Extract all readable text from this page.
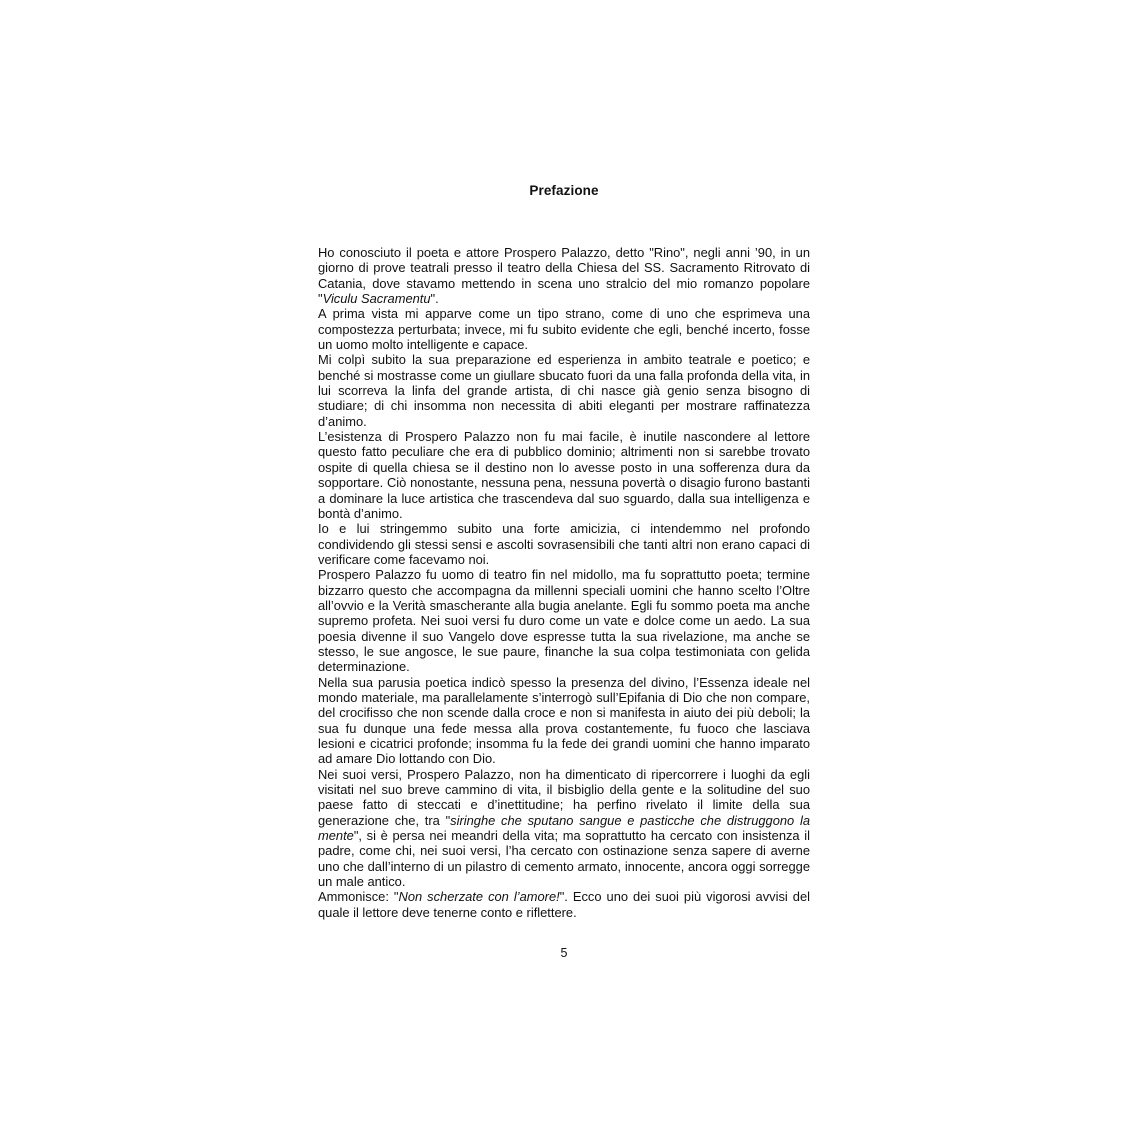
Prefazione

Ho conosciuto il poeta e attore Prospero Palazzo, detto "Rino", negli anni ’90, in un giorno di prove teatrali presso il teatro della Chiesa del SS. Sacramento Ritrovato di Catania, dove stavamo mettendo in scena uno stralcio del mio romanzo popolare "Viculu Sacramentu".

A prima vista mi apparve come un tipo strano, come di uno che esprimeva una compostezza perturbata; invece, mi fu subito evidente che egli, benché incerto, fosse un uomo molto intelligente e capace.

Mi colpì subito la sua preparazione ed esperienza in ambito teatrale e poetico; e benché si mostrasse come un giullare sbucato fuori da una falla profonda della vita, in lui scorreva la linfa del grande artista, di chi nasce già genio senza bisogno di studiare; di chi insomma non necessita di abiti eleganti per mostrare raffinatezza d’animo.

L’esistenza di Prospero Palazzo non fu mai facile, è inutile nascondere al lettore questo fatto peculiare che era di pubblico dominio; altrimenti non si sarebbe trovato ospite di quella chiesa se il destino non lo avesse posto in una sofferenza dura da sopportare. Ciò nonostante, nessuna pena, nessuna povertà o disagio furono bastanti a dominare la luce artistica che trascendeva dal suo sguardo, dalla sua intelligenza e bontà d’animo.

Io e lui stringemmo subito una forte amicizia, ci intendemmo nel profondo condividendo gli stessi sensi e ascolti sovrasensibili che tanti altri non erano capaci di verificare come facevamo noi.

Prospero Palazzo fu uomo di teatro fin nel midollo, ma fu soprattutto poeta; termine bizzarro questo che accompagna da millenni speciali uomini che hanno scelto l’Oltre all’ovvio e la Verità smascherante alla bugia anelante. Egli fu sommo poeta ma anche supremo profeta. Nei suoi versi fu duro come un vate e dolce come un aedo. La sua poesia divenne il suo Vangelo dove espresse tutta la sua rivelazione, ma anche se stesso, le sue angosce, le sue paure, finanche la sua colpa testimoniata con gelida determinazione.

Nella sua parusia poetica indicò spesso la presenza del divino, l’Essenza ideale nel mondo materiale, ma parallelamente s’interrogò sull’Epifania di Dio che non compare, del crocifisso che non scende dalla croce e non si manifesta in aiuto dei più deboli; la sua fu dunque una fede messa alla prova costantemente, fu fuoco che lasciava lesioni e cicatrici profonde; insomma fu la fede dei grandi uomini che hanno imparato ad amare Dio lottando con Dio.

Nei suoi versi, Prospero Palazzo, non ha dimenticato di ripercorrere i luoghi da egli visitati nel suo breve cammino di vita, il bisbiglio della gente e la solitudine del suo paese fatto di steccati e d’inettitudine; ha perfino rivelato il limite della sua generazione che, tra "siringhe che sputano sangue e pasticche che distruggono la mente", si è persa nei meandri della vita; ma soprattutto ha cercato con insistenza il padre, come chi, nei suoi versi, l’ha cercato con ostinazione senza sapere di averne uno che dall’interno di un pilastro di cemento armato, innocente, ancora oggi sorregge un male antico.

Ammonisce: "Non scherzate con l’amore!". Ecco uno dei suoi più vigorosi avvisi del quale il lettore deve tenerne conto e riflettere.

5
